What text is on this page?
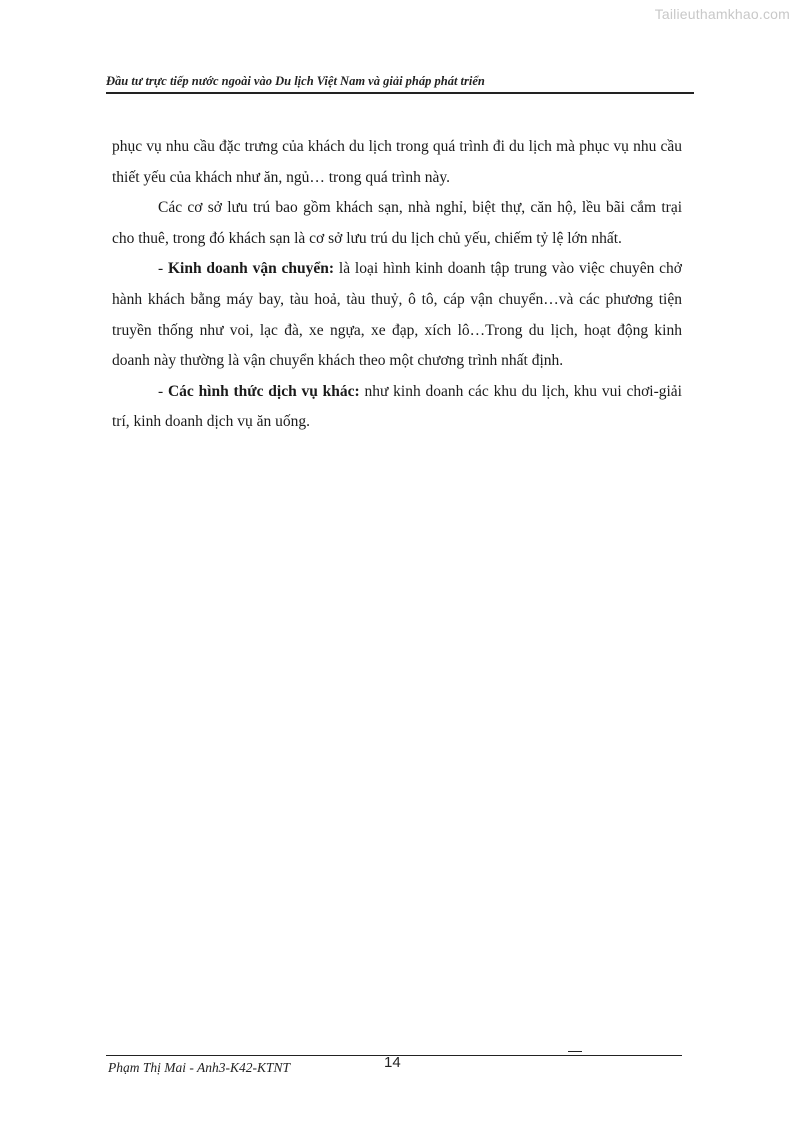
Tailieuthamkhao.com
Đầu tư trực tiếp nước ngoài vào Du lịch Việt Nam và giải pháp phát triển

phục vụ nhu cầu đặc trưng của khách du lịch trong quá trình đi du lịch mà phục vụ nhu cầu thiết yếu của khách như ăn, ngủ… trong quá trình này.

Các cơ sở lưu trú bao gồm khách sạn, nhà nghỉ, biệt thự, căn hộ, lều bãi cắm trại cho thuê, trong đó khách sạn là cơ sở lưu trú du lịch chủ yếu, chiếm tỷ lệ lớn nhất.

- Kinh doanh vận chuyển: là loại hình kinh doanh tập trung vào việc chuyên chở hành khách bằng máy bay, tàu hoả, tàu thuỷ, ô tô, cáp vận chuyển…và các phương tiện truyền thống như voi, lạc đà, xe ngựa, xe đạp, xích lô…Trong du lịch, hoạt động kinh doanh này thường là vận chuyển khách theo một chương trình nhất định.

- Các hình thức dịch vụ khác: như kinh doanh các khu du lịch, khu vui chơi-giải trí, kinh doanh dịch vụ ăn uống.

Phạm Thị Mai - Anh3-K42-KTNT	14
